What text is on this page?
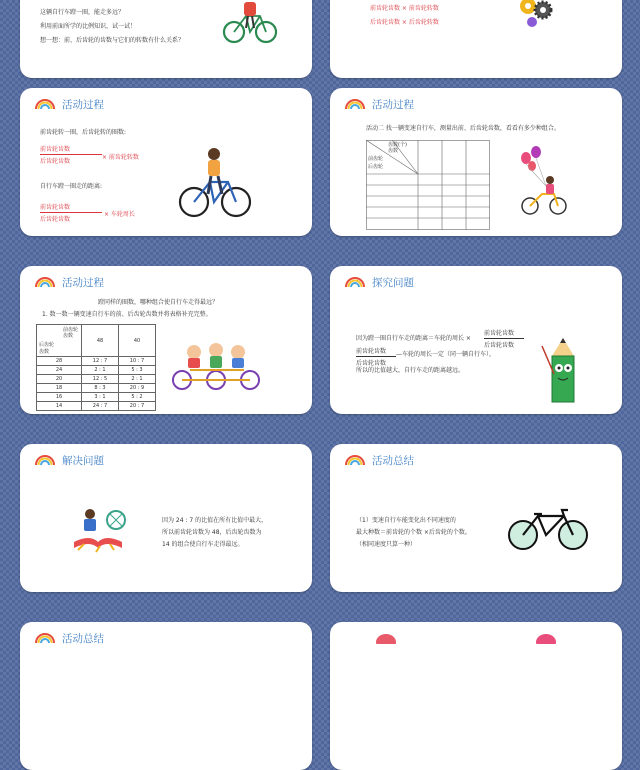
这辆自行车蹬一圈，能走多远？
利用前面所学的比例知识，试一试！
想一想：前、后齿轮的齿数与它们的转数有什么关系？
前齿轮齿数 × 前齿轮转数
后齿轮齿数 × 后齿轮转数
活动过程
前齿轮转一圈，后齿轮转的圈数:
前齿轮齿数
后齿轮齿数
× 前齿轮转数
自行车蹬一圈走的距离:
前齿轮齿数
后齿轮齿数
× 车轮周长
活动过程
活动二 找一辆变速自行车，测量出前、后齿轮齿数，看看有多少种组合。
齿数(个)
齿数
前齿轮
后齿轮
活动过程
蹬同样的圈数，哪种组合使自行车走得最远？
1. 数一数一辆变速自行车的前、后齿轮齿数并将表格补充完整。
前齿轮
齿数
后齿轮
齿数	48	40
28	12 : 7	10 : 7
24	2 : 1	5 : 3
20	12 : 5	2 : 1
18	8 : 3	20 : 9
16	3 : 1	5 : 2
14	24 : 7	20 : 7
探究问题
因为蹬一圈自行车走的距离＝车轮的周长 ×
前齿轮齿数
后齿轮齿数
前齿轮齿数
后齿轮齿数
—车轮的周长一定（同一辆自行车），
所以的比值越大，自行车走的距离越远。
解决问题
因为 24 : 7 的比值在所有比值中最大，
所以前齿轮齿数为 48，后齿轮齿数为
14 的组合使自行车走得最远。
活动总结
（1）变速自行车能变化出不同速度的
最大种数＝前齿轮的个数 ×后齿轮的个数。
（相同速度只算一种）
活动总结
